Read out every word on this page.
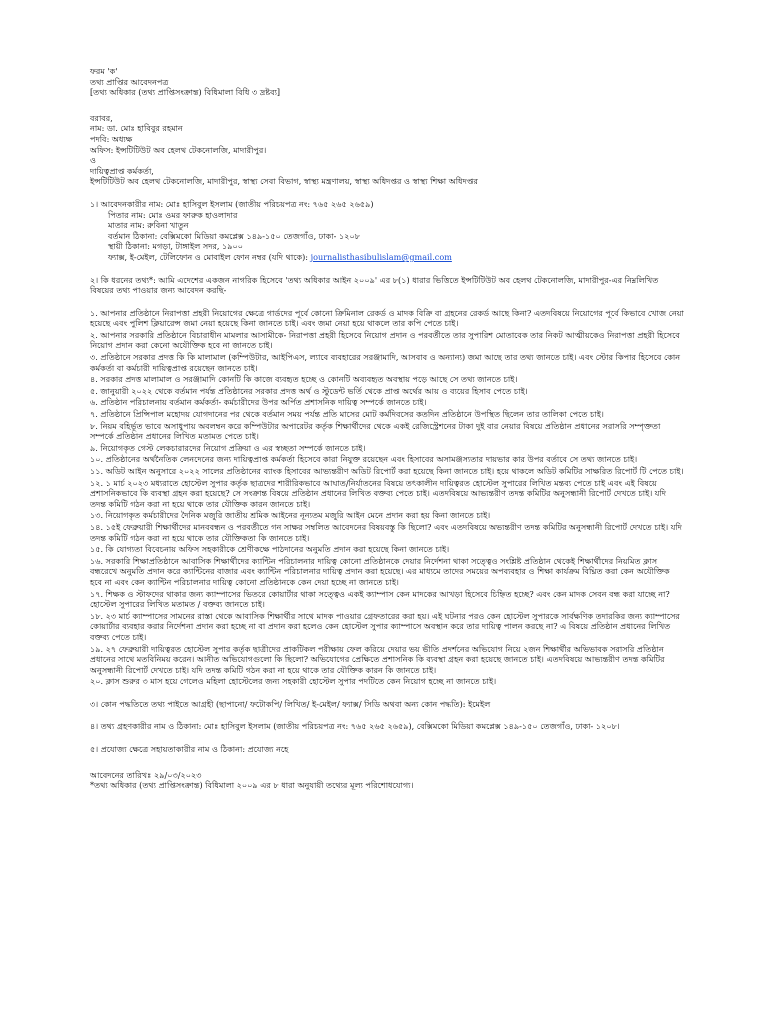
ফরম 'ক'

তথ্য প্রাপ্তির আবেদনপত্র

[তথ্য অধিকার (তথ্য প্রাপ্তিসংক্রান্ত) বিধিমালা বিধি ৩ দ্রষ্টব্য]

বরাবর,

নাম: ডা. মোঃ হাবিবুর রহমান

পদবি: অধ্যক্ষ

অফিস: ইন্সটিটিউট অব হেলথ টেকনোলজি, মাদারীপুর।

ও

দায়িত্বপ্রাপ্ত কর্মকর্তা,

ইন্সটিটিউট অব হেলথ টেকনোলজি, মাদারীপুর, স্বাস্থ্য সেবা বিভাগ, স্বাস্থ্য মন্ত্রণালয়, স্বাস্থ্য অধিদপ্তর ও স্বাস্থ্য শিক্ষা অধিদপ্তর

১। আবেদনকারীর নাম: মোঃ হাসিবুল ইসলাম (জাতীয় পরিচয়পত্র নং: ৭৬৫ ২৬৫ ২৬৫৯)

পিতার নাম: মোঃ ওমর ফারুক হাওলাদার

মাতার নাম: রুবিনা খাতুন

বর্তমান ঠিকানা: বেক্সিমকো মিডিয়া কমপ্লেক্স ১৪৯-১৫০ তেজগাঁও, ঢাকা- ১২০৮

স্থায়ী ঠিকানা: মগড়া, টাঙ্গাইল সদর, ১৯০০

ফ্যাক্স, ই-মেইল, টেলিফোন ও মোবাইল ফোন নম্বর (যদি থাকে): journalisthasibulislam@gmail.com

২। কি ধরনের তথ্য*: আমি এদেশের একজন নাগরিক হিসেবে 'তথ্য অধিকার আইন ২০০৯' এর ৮(১) ধারার ভিত্তিতে ইন্সটিটিউট অব হেলথ টেকনোলজি, মাদারীপুর-এর নিম্নলিখিত বিষয়ের তথ্য পাওয়ার জন্য আবেদন করছি-

১. আপনার প্রতিষ্ঠানে নিরাপত্তা প্রহরী নিয়োগের ক্ষেত্রে গার্ডদের পূর্বে কোনো ক্রিমিনাল রেকর্ড ও মাদক বিক্রি বা গ্রহনের রেকর্ড আছে কিনা? এতদবিষয়ে নিয়োগের পূর্বে কিভাবে খোজ নেয়া হয়েছে এবং পুলিশ ক্লিয়ারেন্স জমা নেয়া হয়েছে কিনা জানতে চাই। এবং জমা নেয়া হয়ে থাকলে তার কপি পেতে চাই।

২. আপনার সরকারি প্রতিষ্ঠানে বিচারাধীন মামলার আসামীকে- নিরাপত্তা প্রহরী হিসেবে নিয়োগ প্রদান ও পরবর্তীতে তার সুপারিশ মোতাবেক তার নিকট আত্মীয়কেও নিরাপত্তা প্রহরী হিসেবে নিয়োগ প্রদান করা কেনো অযৌক্তিক হবে না জানতে চাই।

৩. প্রতিষ্ঠানে সরকার প্রদত্ত কি কি মালামাল (কম্পিউটার, আইপিএস, ল্যাবে ব্যবহারের সরঞ্জামাদি, আসবাব ও অন্যান্য) জমা আছে তার তথ্য জানতে চাই। এবং স্টোর কিপার হিসেবে কোন কর্মকর্তা বা কর্মচারী দায়িত্বপ্রাপ্ত রয়েছেন জানতে চাই।

৪. সরকার প্রদত্ত মালামাল ও সরঞ্জামাদি কোনটি কি কাজে ব্যবহৃত হচ্ছে ও কোনটি অব্যবহৃত অবস্থায় পড়ে আছে সে তথ্য জানতে চাই।

৫. জানুয়ারী ২০২২ থেকে বর্তমান পর্যন্ত প্রতিষ্ঠানের সরকার প্রদত্ত অর্থ ও স্টুডেন্ট ভর্তি থেকে প্রাপ্ত অর্থের আয় ও ব্যয়ের হিসাব পেতে চাই।

৬. প্রতিষ্ঠান পরিচালনায় বর্তমান কর্মকর্তা- কর্মচারীদের উপর অর্পিত প্রশাসনিক দায়িত্ব সম্পর্কে জানতে চাই।

৭. প্রতিষ্ঠানে প্রিন্সিপাল মহোদয় যোগদানের পর থেকে বর্তমান সময় পর্যন্ত প্রতি মাসের মোট কর্মদিবসের কতদিন প্রতিষ্ঠানে উপস্থিত ছিলেন তার তালিকা পেতে চাই।

৮. নিয়ম বহির্ভূত ভাবে অসাধুপায় অবলম্বন করে কম্পিউটার অপারেটর কর্তৃক শিক্ষার্থীদের থেকে একই রেজিস্ট্রেশনের টাকা দুই বার নেয়ার বিষয়ে প্রতিষ্ঠান প্রধানের সরাসরি সম্পৃক্ততা সম্পর্কে প্রতিষ্ঠান প্রধানের লিখিত মতামত পেতে চাই।

৯. নিয়োগকৃত গেস্ট লেকচারারদের নিয়োগ প্রক্রিয়া ও এর স্বচ্ছতা সম্পর্কে জানতে চাই।

১০. প্রতিষ্ঠানের অর্থনৈতিক লেনদেনের জন্য দায়িত্বপ্রাপ্ত কর্মকর্তা হিসেবে কারা নিযুক্ত রয়েছেন এবং হিসাবের অসামঞ্জস্যতার দায়ভার কার উপর বর্তাবে সে তথ্য জানতে চাই।

১১. অডিট আইন অনুসারে ২০২২ সালের প্রতিষ্ঠানের ব্যাংক হিসাবের আভ্যন্তরীণ অডিট রিপোর্ট করা হয়েছে কিনা জানতে চাই। হয়ে থাকলে অডিট কমিটির সাক্ষরিত রিপোর্ট টি পেতে চাই।

১২. ১ মার্চ ২০২৩ মধ্যরাতে হোস্টেল সুপার কর্তৃক ছাত্রদের শারীরিকভাবে আঘাত/নির্যাতনের বিষয়ে তৎকালীন দায়িত্বরত হোস্টেল সুপারের লিখিত মন্তব্য পেতে চাই এবং এই বিষয়ে প্রশাসনিকভাবে কি ব্যবস্থা গ্রহন করা হয়েছে? সে সংক্রান্ত বিষয়ে প্রতিষ্ঠান প্রধানের লিখিত বক্তব্য পেতে চাই। এতদবিষয়ে আভ্যন্তরীণ তদন্ত কমিটির অনুসন্ধানী রিপোর্ট দেখতে চাই। যদি তদন্ত কমিটি গঠন করা না হয়ে থাকে তার যৌক্তিক কারন জানতে চাই।

১৩. নিয়োগকৃত কর্মচারীদের দৈনিক মজুরি জাতীয় শ্রমিক আইনের নূন্যতম মজুরি আইন মেনে প্রদান করা হয় কিনা জানতে চাই।

১৪. ১৫ই ফেব্রুয়ারী শিক্ষার্থীদের মানববন্ধন ও পরবর্তীতে গন সাক্ষর সম্বলিত আবেদনের বিষয়বস্তু কি ছিলো? এবং এতদবিষয়ে অভ্যন্তরীণ তদন্ত কমিটির অনুসন্ধানী রিপোর্ট দেখতে চাই। যদি তদন্ত কমিটি গঠন করা না হয়ে থাকে তার যৌক্তিকতা কি জানতে চাই।

১৫. কি যোগ্যতা বিবেচনায় অফিস সহকারীকে শ্রেণীকক্ষে পাঠদানের অনুমতি প্রদান করা হয়েছে কিনা জানতে চাই।

১৬. সরকারি শিক্ষাপ্রতিষ্ঠানে আবাসিক শিক্ষার্থীদের ক্যান্টিন পরিচালনার দায়িত্ব কোনো প্রতিষ্ঠানকে দেয়ার নির্দেশনা থাকা সত্ত্বেও সংশ্লিষ্ট প্রতিষ্ঠান থেকেই শিক্ষার্থীদের নিয়মিত ক্লাস বন্ধরেখে অনুমতি প্রদান করে ক্যান্টিনের বাজার এবং ক্যান্টিন পরিচালনার দায়িত্ব প্রদান করা হয়েছে। এর মাধ্যমে তাদের সময়ের অপব্যবহার ও শিক্ষা কার্যক্রম বিঘ্নিত করা কেন অযৌক্তিক হবে না এবং কেন ক্যান্টিন পরিচালনার দায়িত্ব কোনো প্রতিষ্ঠানকে কেন দেয়া হচ্ছে না জানতে চাই।

১৭. শিক্ষক ও স্টাফদের থাকার জন্য ক্যাম্পাসের ভিতরে কোয়ার্টার থাকা সত্ত্বেও একই ক্যাম্পাস কেন মাদকের আখড়া হিসেবে চিহ্নিত হচ্ছে? এবং কেন মাদক সেবন বন্ধ করা যাচ্ছে না? হোস্টেল সুপারের লিখিত মতামত / বক্তব্য জানতে চাই।

১৮. ২৩ মার্চ ক্যাম্পাসের সামনের রাস্তা থেকে আবাসিক শিক্ষার্থীর সাথে মাদক পাওয়ার গ্রেফতারের করা হয়। এই ঘটনার পরও কেন হোস্টেল সুপারকে সার্বক্ষণিক তদারকির জন্য ক্যাম্পাসের কোয়ার্টার ব্যবহার করার নির্দেশনা প্রদান করা হচ্ছে না বা প্রদান করা হলেও কেন হোস্টেল সুপার ক্যাম্পাসে অবস্থান করে তার দায়িত্ব পালন করছে না? এ বিষয়ে প্রতিষ্ঠান প্রধানের লিখিত বক্তব্য পেতে চাই।

১৯. ২৭ ফেব্রুয়ারী দায়িত্বরত হোস্টেল সুপার কর্তৃক ছাত্রীদের প্রাকটিকল পরীক্ষায় ফেল করিয়ে দেয়ার ভয় ভীতি প্রদর্শনের অভিযোগ নিয়ে ২জন শিক্ষার্থীর অভিভাবক সরাসরি প্রতিষ্ঠান প্রধানের সাথে মতবিনিময় করেন। আনীত অভিযোগগুলো কি ছিলো? অভিযোগের প্রেক্ষিতে প্রশাসনিক কি ব্যবস্থা গ্রহন করা হয়েছে জানতে চাই। এতদবিষয়ে আভ্যন্তরীণ তদন্ত কমিটির অনুসন্ধানী রিপোর্ট দেখতে চাই। যদি তদন্ত কমিটি গঠন করা না হয়ে থাকে তার যৌক্তিক কারন কি জানতে চাই।

২০. ক্লাস শুরুর ৩ মাস হয়ে গেলেও মহিলা হোস্টেলের জন্য সহকারী হোস্টেল সুপার পদটিতে কেন নিয়োগ হচ্ছে না জানতে চাই।

৩। কোন পদ্ধতিতে তথ্য পাইতে আগ্রহী (ছাপানো/ ফটোকপি/ লিখিত/ ই-মেইল/ ফ্যাক্স/ সিডি অথবা অন্য কোন পদ্ধতি): ইমেইল

৪। তথ্য গ্রহণকারীর নাম ও ঠিকানা: মোঃ হাসিবুল ইসলাম (জাতীয় পরিচয়পত্র নং: ৭৬৫ ২৬৫ ২৬৫৯), বেক্সিমকো মিডিয়া কমপ্লেক্স ১৪৯-১৫০ তেজগাঁও, ঢাকা- ১২০৮।

৫। প্রযোজ্য ক্ষেত্রে সহায়তাকারীর নাম ও ঠিকানা: প্রযোজ্য নহে

আবেদনের তারিখঃ ২৯/০৩/২০২৩

*তথ্য অধিকার (তথ্য প্রাপ্তিসংক্রান্ত) বিধিমালা ২০০৯ এর ৮ ধারা অনুযায়ী তথ্যের মূল্য পরিশোধযোগ্য।
